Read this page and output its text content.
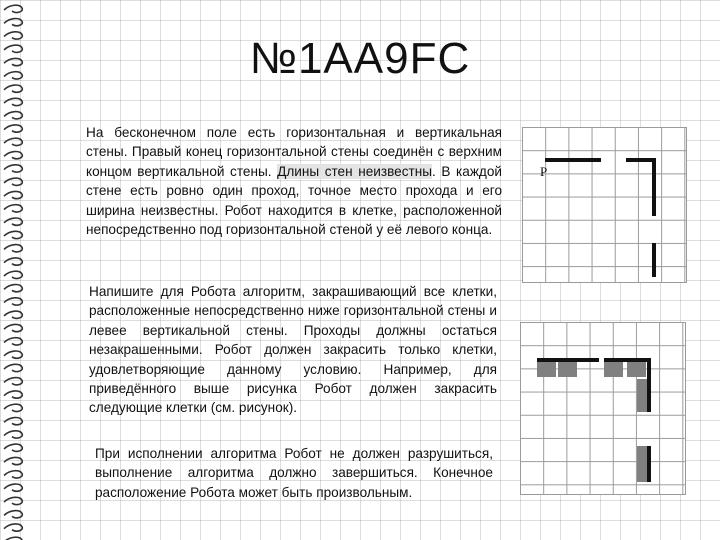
№1АА9FC

На бесконечном поле есть горизонтальная и вертикальная стены. Правый конец горизонтальной стены соединён с верхним концом вертикальной стены. Длины стен неизвестны. В каждой стене есть ровно один проход, точное место прохода и его ширина неизвестны. Робот находится в клетке, расположенной непосредственно под горизонтальной стеной у её левого конца.

Напишите для Робота алгоритм, закрашивающий все клетки, расположенные непосредственно ниже горизонтальной стены и левее вертикальной стены. Проходы должны остаться незакрашенными. Робот должен закрасить только клетки, удовлетворяющие данному условию. Например, для приведённого выше рисунка Робот должен закрасить следующие клетки (см. рисунок).

При исполнении алгоритма Робот не должен разрушиться, выполнение алгоритма должно завершиться. Конечное расположение Робота может быть произвольным.

Р
